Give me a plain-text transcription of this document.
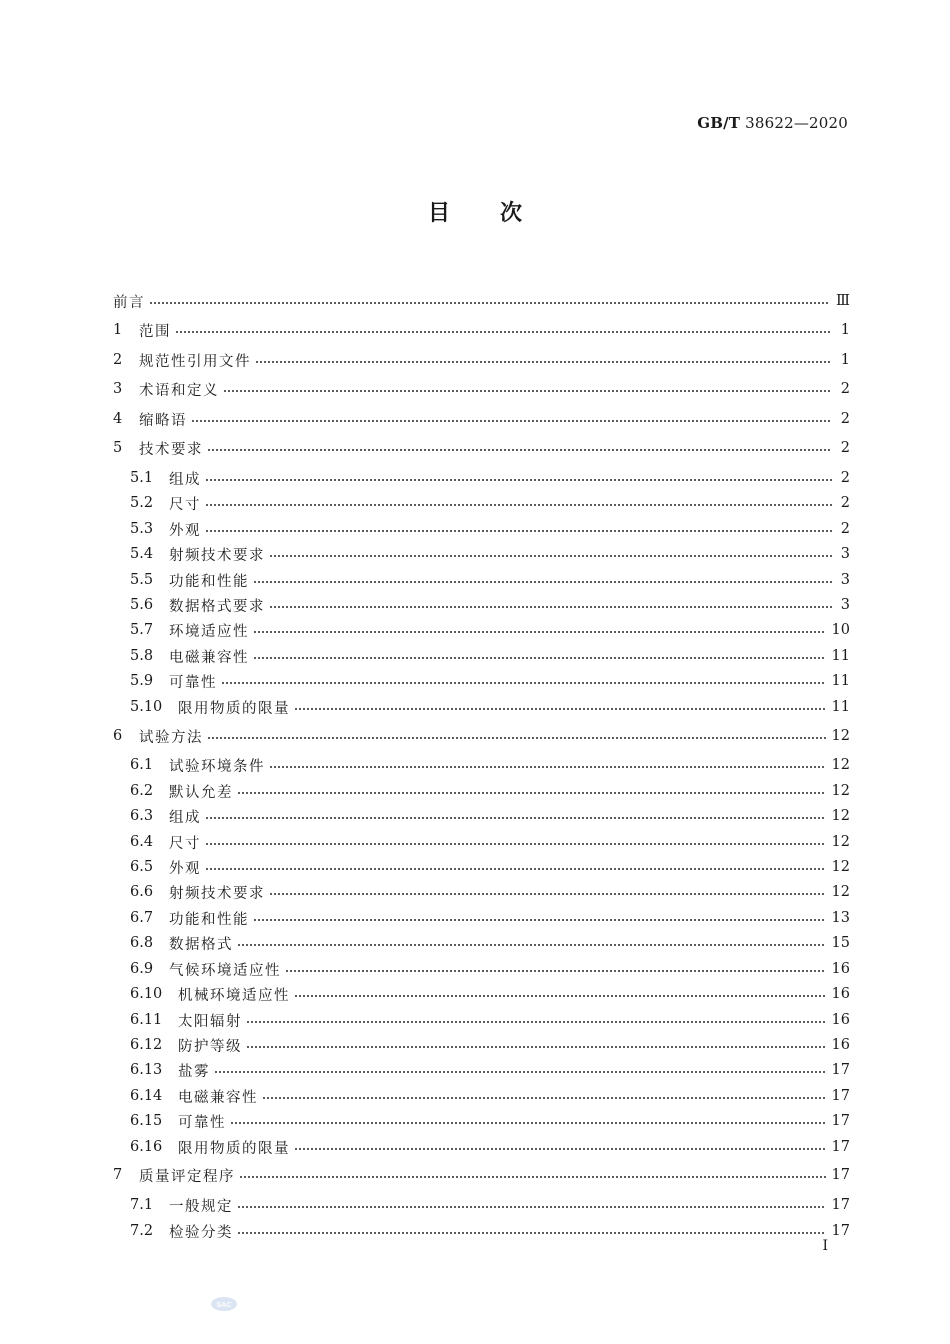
GB/T 38622—2020
目次
前言	Ⅲ
1	范围	1
2	规范性引用文件	1
3	术语和定义	2
4	缩略语	2
5	技术要求	2
5.1	组成	2
5.2	尺寸	2
5.3	外观	2
5.4	射频技术要求	3
5.5	功能和性能	3
5.6	数据格式要求	3
5.7	环境适应性	10
5.8	电磁兼容性	11
5.9	可靠性	11
5.10	限用物质的限量	11
6	试验方法	12
6.1	试验环境条件	12
6.2	默认允差	12
6.3	组成	12
6.4	尺寸	12
6.5	外观	12
6.6	射频技术要求	12
6.7	功能和性能	13
6.8	数据格式	15
6.9	气候环境适应性	16
6.10	机械环境适应性	16
6.11	太阳辐射	16
6.12	防护等级	16
6.13	盐雾	17
6.14	电磁兼容性	17
6.15	可靠性	17
6.16	限用物质的限量	17
7	质量评定程序	17
7.1	一般规定	17
7.2	检验分类	17
I
SAC
